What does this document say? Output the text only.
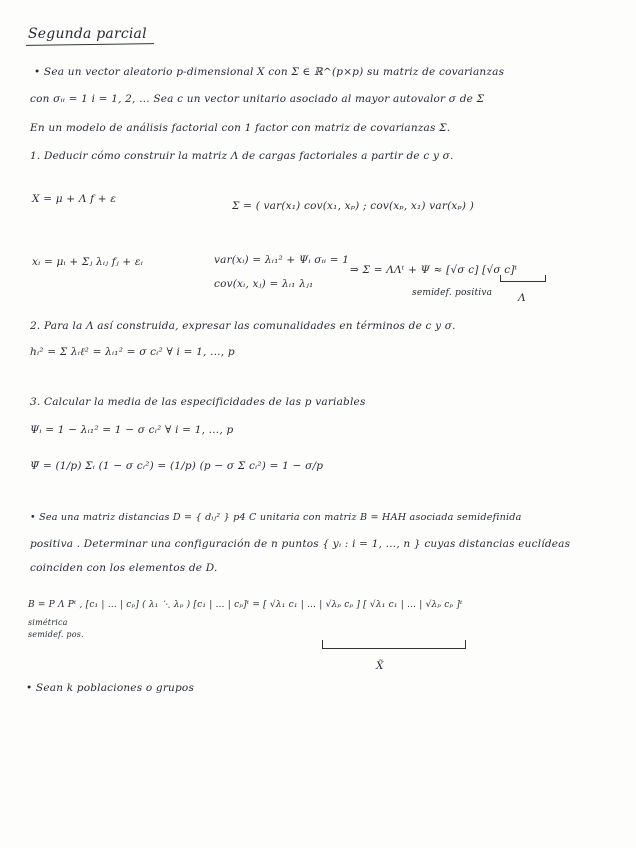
Segunda parcial
• Sea un vector aleatorio p-dimensional X con Σ ∈ ℝ^(p×p) su matriz de covarianzas
con σᵢᵢ = 1 i = 1, 2, … Sea c un vector unitario asociado al mayor autovalor σ de Σ
En un modelo de análisis factorial con 1 factor con matriz de covarianzas Σ.
1. Deducir cómo construir la matriz Λ de cargas factoriales a partir de c y σ.
X = μ + Λ f + ε
Σ = ( var(x₁) cov(x₁, xₚ) ; cov(xₚ, x₁) var(xₚ) )
xᵢ = μᵢ + Σⱼ λᵢⱼ fⱼ + εᵢ	var(xᵢ) = λᵢ₁² + Ψᵢ σᵢᵢ = 1
cov(xᵢ, xⱼ) = λᵢ₁ λⱼ₁
⇒ Σ = ΛΛᵗ + Ψ ≈ [√σ c] [√σ c]ᵗ
semidef. positiva Λ
2. Para la Λ así construida, expresar las comunalidades en términos de c y σ.
hᵢ² = Σ λᵢℓ² = λᵢ₁² = σ cᵢ² ∀ i = 1, …, p
3. Calcular la media de las especificidades de las p variables
Ψᵢ = 1 − λᵢ₁² = 1 − σ cᵢ² ∀ i = 1, …, p
Ψ̄ = (1/p) Σᵢ (1 − σ cᵢ²) = (1/p) (p − σ Σ cᵢ²) = 1 − σ/p
• Sea una matriz distancias D = { dᵢⱼ² } p4 C unitaria con matriz B = HAH asociada semidefinida
positiva . Determinar una configuración de n puntos { yᵢ : i = 1, …, n } cuyas distancias euclídeas
coinciden con los elementos de D.
B = P Λ Pᵗ , [c₁ | … | cₚ] ( λ₁ ⋱ λₚ ) [c₁ | … | cₚ]ᵗ = [ √λ₁ c₁ | … | √λₚ cₚ ] [ √λ₁ c₁ | … | √λₚ cₚ ]ᵗ
simétrica
semidef. pos.
X̃
• Sean k poblaciones o grupos
